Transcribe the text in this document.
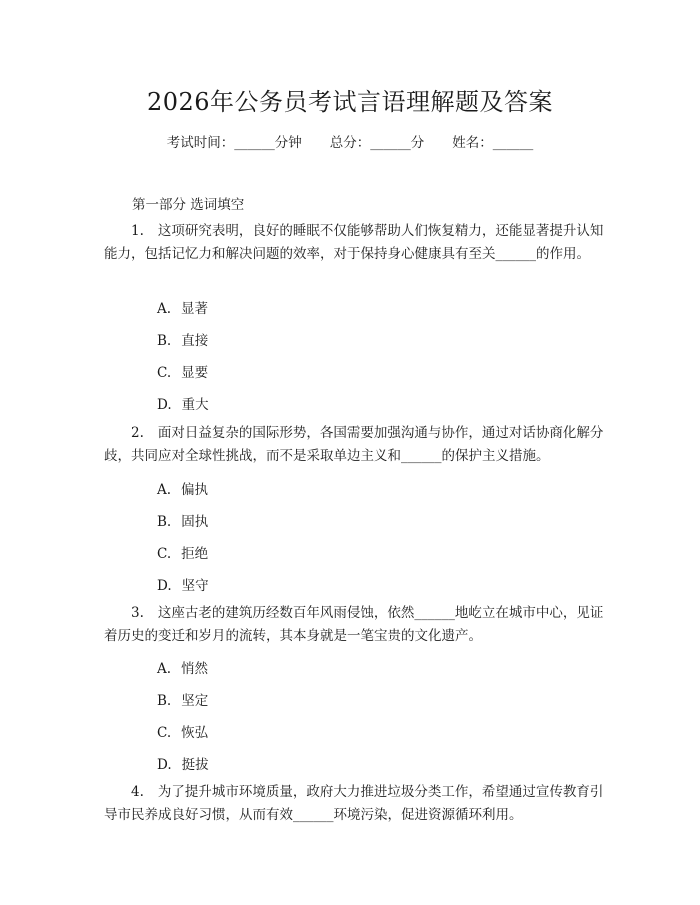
2026年公务员考试言语理解题及答案
考试时间：______分钟 总分：______分 姓名：______
第一部分 选词填空
1. 这项研究表明，良好的睡眠不仅能够帮助人们恢复精力，还能显著提升认知能力，包括记忆力和解决问题的效率，对于保持身心健康具有至关______的作用。
A. 显著
B. 直接
C. 显要
D. 重大
2. 面对日益复杂的国际形势，各国需要加强沟通与协作，通过对话协商化解分歧，共同应对全球性挑战，而不是采取单边主义和______的保护主义措施。
A. 偏执
B. 固执
C. 拒绝
D. 坚守
3. 这座古老的建筑历经数百年风雨侵蚀，依然______地屹立在城市中心，见证着历史的变迁和岁月的流转，其本身就是一笔宝贵的文化遗产。
A. 悄然
B. 坚定
C. 恢弘
D. 挺拔
4. 为了提升城市环境质量，政府大力推进垃圾分类工作，希望通过宣传教育引导市民养成良好习惯，从而有效______环境污染，促进资源循环利用。
